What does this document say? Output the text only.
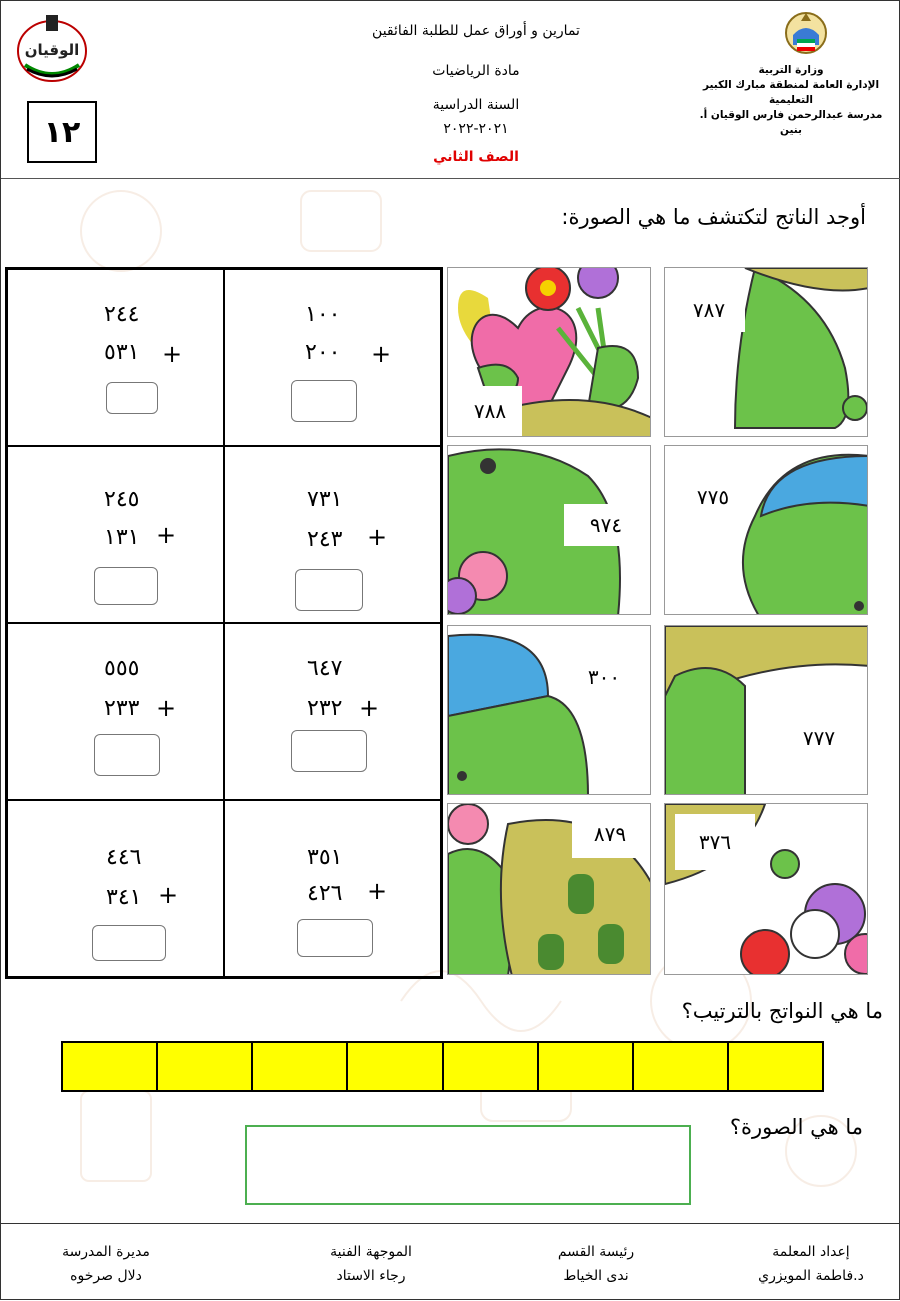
الوقيان
١٢
تمارين و أوراق عمل للطلبة الفائقين
مادة الرياضيات
السنة الدراسية
٢٠٢١-٢٠٢٢
الصف الثاني
وزارة التربية
الإدارة العامة لمنطقة مبارك الكبير التعليمية
مدرسة عبدالرحمن فارس الوقيان أ. بنين
أوجد الناتج لتكتشف ما هي الصورة:
٢٤٤
٥٣١ +
١٠٠
٢٠٠ +
٢٤٥
١٣١ +
٧٣١
٢٤٣ +
٥٥٥
٢٣٣ +
٦٤٧
٢٣٢ +
٤٤٦
٣٤١ +
٣٥١
٤٢٦ +
٧٨٨
٧٨٧
٩٧٤
٧٧٥
٣٠٠
٧٧٧
٨٧٩	٣٧٦
ما هي النواتج بالترتيب؟
ما هي الصورة؟
إعداد المعلمة
د.فاطمة المويزري
رئيسة القسم
ندى الخياط
الموجهة الفنية
رجاء الاستاد
مديرة المدرسة
دلال صرخوه
